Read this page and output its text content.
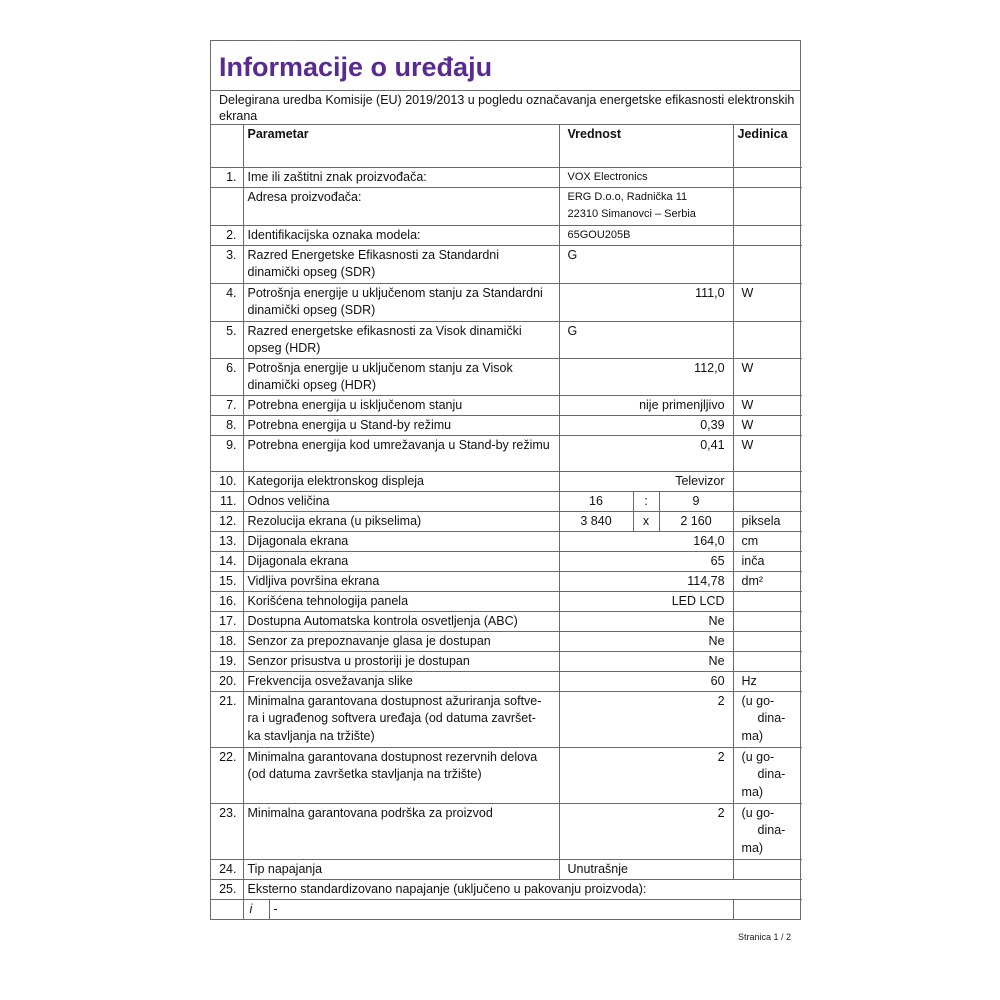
Informacije o uređaju
Delegirana uredba Komisije (EU) 2019/2013 u pogledu označavanja energetske efikasnosti elektronskih ekrana
	Parametar		Vrednost			Jedinica
1.	Ime ili zaštitni znak proizvođača:		VOX Electronics			
	Adresa proizvođača:		ERG D.o.o, Radnička 11
22310 Simanovci – Serbia			

2.	Identifikacijska oznaka modela:		65GOU205B			
3.	Razred Energetske Efikasnosti za Standardni dinamički opseg (SDR)		G			
4.	Potrošnja energije u uključenom stanju za Standardni dinamički opseg (SDR)		111,0			W
5.	Razred energetske efikasnosti za Visok dinamički opseg (HDR)		G			
6.	Potrošnja energije u uključenom stanju za Visok dinamički opseg (HDR)		112,0			W
7.	Potrebna energija u isključenom stanju		nije primenjljivo			W
8.	Potrebna energija u Stand-by režimu		0,39			W
9.	Potrebna energija kod umrežavanja u Stand-by režimu		0,41			W
10.	Kategorija elektronskog displeja		Televizor			
11.	Odnos veličina		16	:	9	
12.	Rezolucija ekrana (u pikselima)		3 840	x	2 160	piksela
13.	Dijagonala ekrana		164,0			cm
14.	Dijagonala ekrana		65			inča
15.	Vidljiva površina ekrana		114,78			dm²
16.	Korišćena tehnologija panela		LED LCD			
17.	Dostupna Automatska kontrola osvetljenja (ABC)		Ne			
18.	Senzor za prepoznavanje glasa je dostupan		Ne			
19.	Senzor prisustva u prostoriji je dostupan		Ne			
20.	Frekvencija osvežavanja slike		60			Hz
21.	Minimalna garantovana dostupnost ažuriranja softve-
ra i ugrađenog softvera uređaja (od datuma završet-
ka stavljanja na tržište)		2			(u go-
dina-
ma)

22.	Minimalna garantovana dostupnost rezervnih delova
(od datuma završetka stavljanja na tržište)		2			(u go-
dina-
ma)

23.	Minimalna garantovana podrška za proizvod		2			(u go-
dina-
ma)

24.	Tip napajanja		Unutrašnje			
25.	Eksterno standardizovano napajanje (uključeno u pakovanju proizvoda):					
	i	-				
Stranica 1 / 2
